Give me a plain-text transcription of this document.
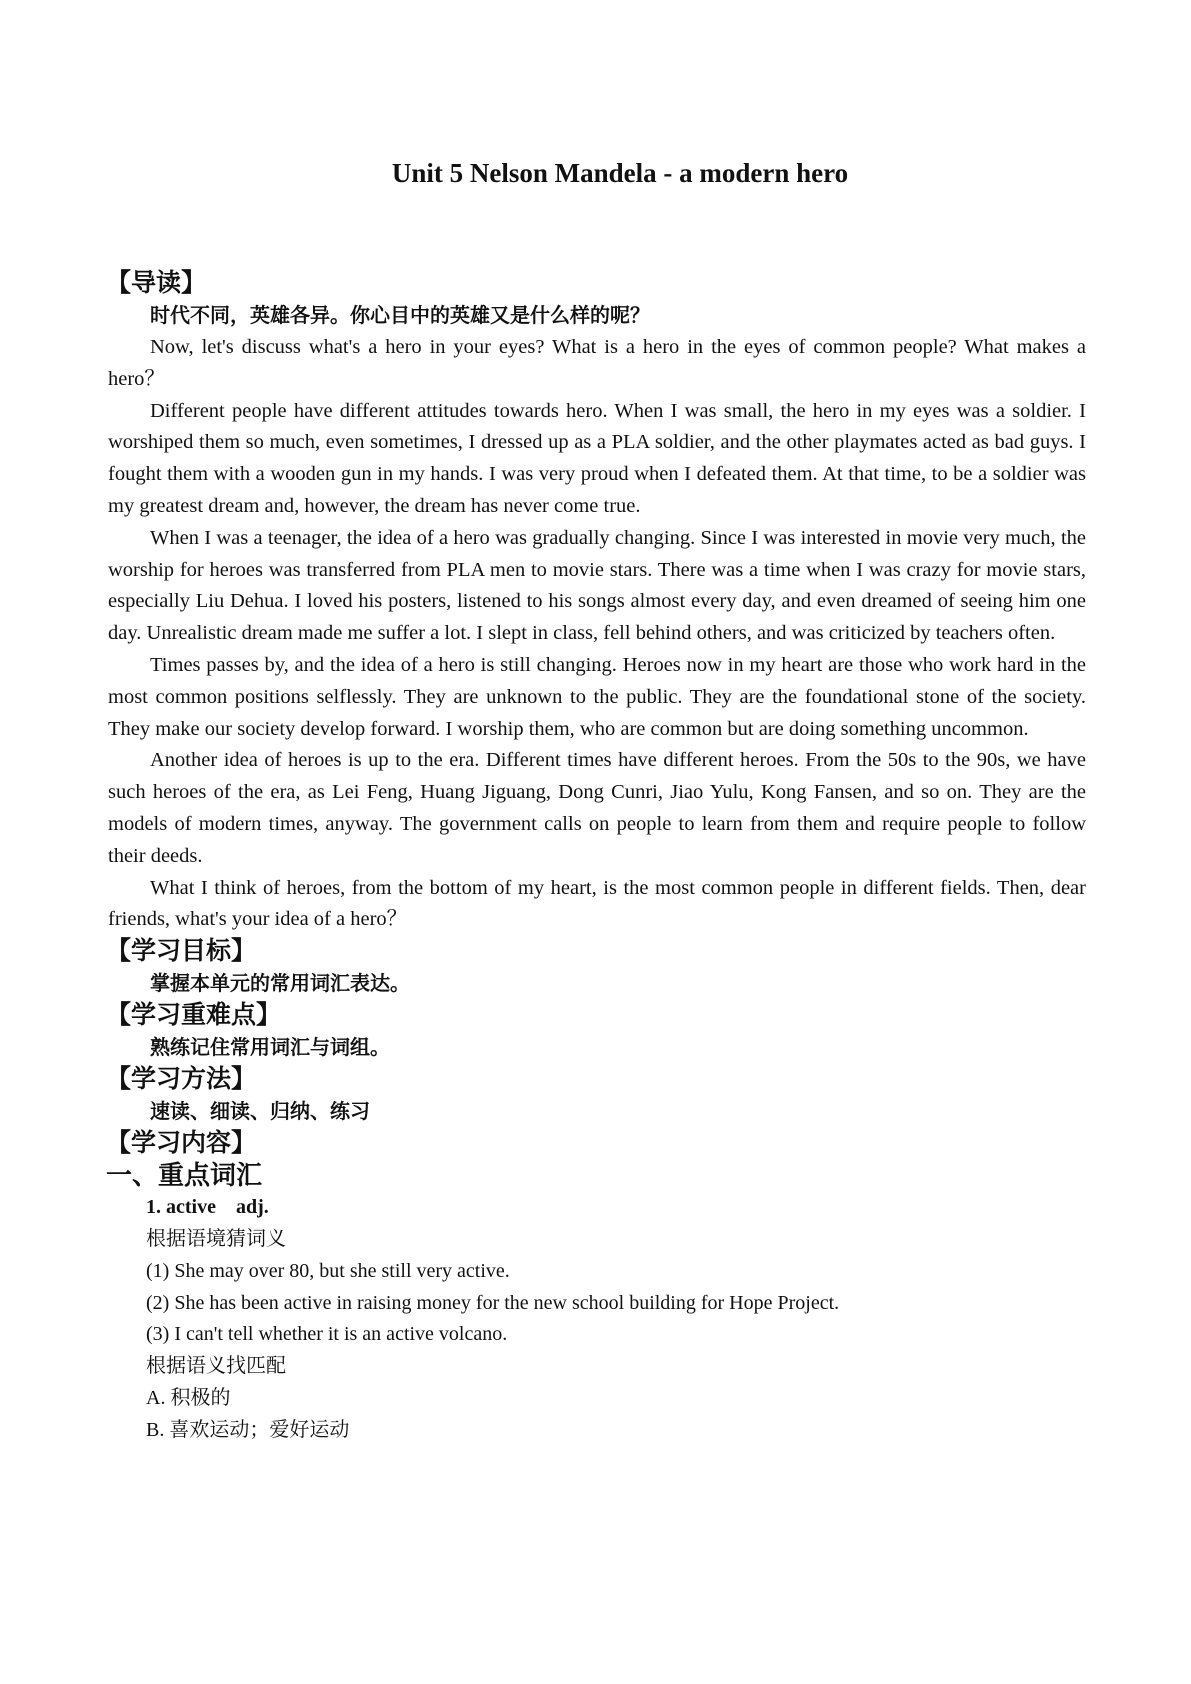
Unit 5 Nelson Mandela - a modern hero
【导读】
时代不同，英雄各异。你心目中的英雄又是什么样的呢？

Now, let's discuss what's a hero in your eyes? What is a hero in the eyes of common people? What makes a hero？

Different people have different attitudes towards hero. When I was small, the hero in my eyes was a soldier. I worshiped them so much, even sometimes, I dressed up as a PLA soldier, and the other playmates acted as bad guys. I fought them with a wooden gun in my hands. I was very proud when I defeated them. At that time, to be a soldier was my greatest dream and, however, the dream has never come true.

When I was a teenager, the idea of a hero was gradually changing. Since I was interested in movie very much, the worship for heroes was transferred from PLA men to movie stars. There was a time when I was crazy for movie stars, especially Liu Dehua. I loved his posters, listened to his songs almost every day, and even dreamed of seeing him one day. Unrealistic dream made me suffer a lot. I slept in class, fell behind others, and was criticized by teachers often.

Times passes by, and the idea of a hero is still changing. Heroes now in my heart are those who work hard in the most common positions selflessly. They are unknown to the public. They are the foundational stone of the society. They make our society develop forward. I worship them, who are common but are doing something uncommon.

Another idea of heroes is up to the era. Different times have different heroes. From the 50s to the 90s, we have such heroes of the era, as Lei Feng, Huang Jiguang, Dong Cunri, Jiao Yulu, Kong Fansen, and so on. They are the models of modern times, anyway. The government calls on people to learn from them and require people to follow their deeds.

What I think of heroes, from the bottom of my heart, is the most common people in different fields. Then, dear friends, what's your idea of a hero？

【学习目标】
掌握本单元的常用词汇表达。
【学习重难点】
熟练记住常用词汇与词组。
【学习方法】
速读、细读、归纳、练习
【学习内容】
一、重点词汇
1. active　adj.
根据语境猜词义
(1) She may over 80, but she still very active.
(2) She has been active in raising money for the new school building for Hope Project.
(3) I can't tell whether it is an active volcano.
根据语义找匹配
A. 积极的
B. 喜欢运动；爱好运动
